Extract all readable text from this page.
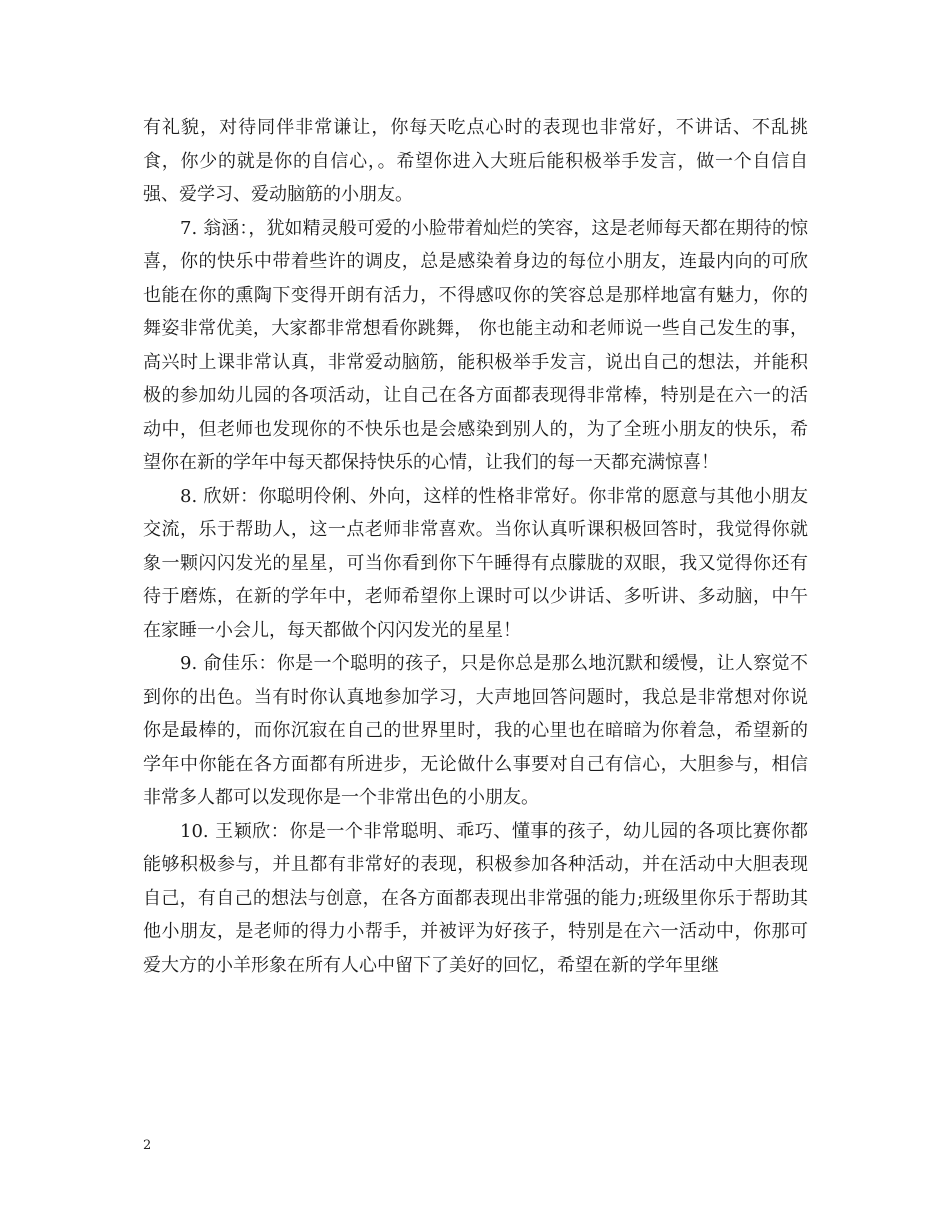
有礼貌，对待同伴非常谦让，你每天吃点心时的表现也非常好，不讲话、不乱挑食，你少的就是你的自信心，。希望你进入大班后能积极举手发言，做一个自信自强、爱学习、爱动脑筋的小朋友。

7. 翁涵：，犹如精灵般可爱的小脸带着灿烂的笑容，这是老师每天都在期待的惊喜，你的快乐中带着些许的调皮，总是感染着身边的每位小朋友，连最内向的可欣也能在你的熏陶下变得开朗有活力，不得感叹你的笑容总是那样地富有魅力，你的舞姿非常优美，大家都非常想看你跳舞， 你也能主动和老师说一些自己发生的事，高兴时上课非常认真，非常爱动脑筋，能积极举手发言，说出自己的想法，并能积极的参加幼儿园的各项活动，让自己在各方面都表现得非常棒，特别是在六一的活动中，但老师也发现你的不快乐也是会感染到别人的，为了全班小朋友的快乐，希望你在新的学年中每天都保持快乐的心情，让我们的每一天都充满惊喜！

8. 欣妍：你聪明伶俐、外向，这样的性格非常好。你非常的愿意与其他小朋友交流，乐于帮助人，这一点老师非常喜欢。当你认真听课积极回答时，我觉得你就象一颗闪闪发光的星星，可当你看到你下午睡得有点朦胧的双眼，我又觉得你还有待于磨炼，在新的学年中，老师希望你上课时可以少讲话、多听讲、多动脑，中午在家睡一小会儿，每天都做个闪闪发光的星星！

9. 俞佳乐：你是一个聪明的孩子，只是你总是那么地沉默和缓慢，让人察觉不到你的出色。当有时你认真地参加学习，大声地回答问题时，我总是非常想对你说你是最棒的，而你沉寂在自己的世界里时，我的心里也在暗暗为你着急，希望新的学年中你能在各方面都有所进步，无论做什么事要对自己有信心，大胆参与，相信非常多人都可以发现你是一个非常出色的小朋友。

10. 王颖欣：你是一个非常聪明、乖巧、懂事的孩子，幼儿园的各项比赛你都能够积极参与，并且都有非常好的表现，积极参加各种活动，并在活动中大胆表现自己，有自己的想法与创意，在各方面都表现出非常强的能力;班级里你乐于帮助其他小朋友，是老师的得力小帮手，并被评为好孩子，特别是在六一活动中，你那可爱大方的小羊形象在所有人心中留下了美好的回忆，希望在新的学年里继

2
